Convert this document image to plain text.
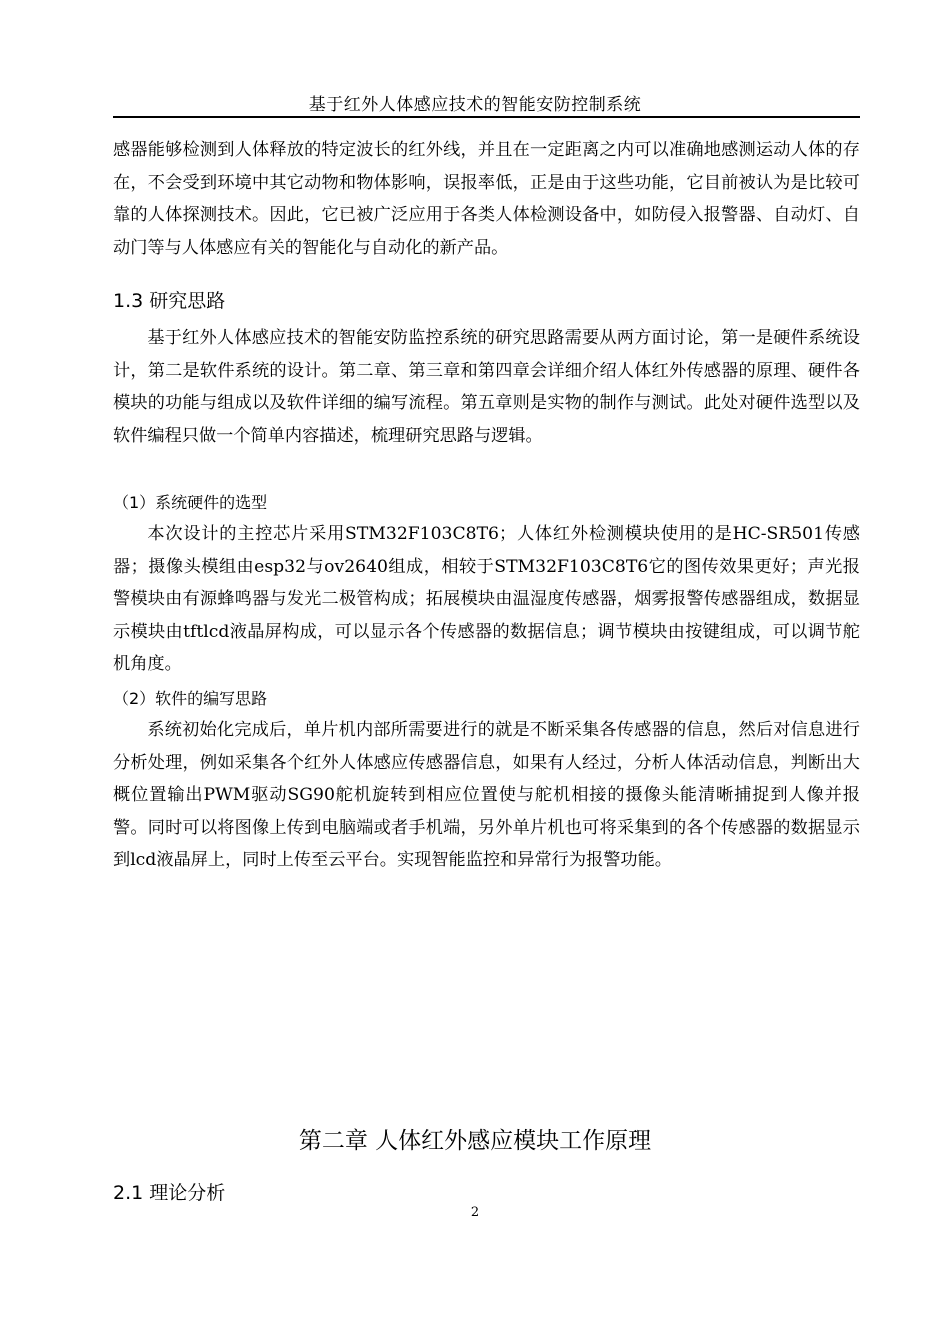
基于红外人体感应技术的智能安防控制系统

感器能够检测到人体释放的特定波长的红外线，并且在一定距离之内可以准确地感测运动人体的存在，不会受到环境中其它动物和物体影响，误报率低，正是由于这些功能，它目前被认为是比较可靠的人体探测技术。因此，它已被广泛应用于各类人体检测设备中，如防侵入报警器、自动灯、自动门等与人体感应有关的智能化与自动化的新产品。

1.3 研究思路

基于红外人体感应技术的智能安防监控系统的研究思路需要从两方面讨论，第一是硬件系统设计，第二是软件系统的设计。第二章、第三章和第四章会详细介绍人体红外传感器的原理、硬件各模块的功能与组成以及软件详细的编写流程。第五章则是实物的制作与测试。此处对硬件选型以及软件编程只做一个简单内容描述，梳理研究思路与逻辑。

（1）系统硬件的选型

本次设计的主控芯片采用STM32F103C8T6；人体红外检测模块使用的是HC-SR501传感器；摄像头模组由esp32与ov2640组成，相较于STM32F103C8T6它的图传效果更好；声光报警模块由有源蜂鸣器与发光二极管构成；拓展模块由温湿度传感器，烟雾报警传感器组成，数据显示模块由tftlcd液晶屏构成，可以显示各个传感器的数据信息；调节模块由按键组成，可以调节舵机角度。

（2）软件的编写思路

系统初始化完成后，单片机内部所需要进行的就是不断采集各传感器的信息，然后对信息进行分析处理，例如采集各个红外人体感应传感器信息，如果有人经过，分析人体活动信息，判断出大概位置输出PWM驱动SG90舵机旋转到相应位置使与舵机相接的摄像头能清晰捕捉到人像并报警。同时可以将图像上传到电脑端或者手机端，另外单片机也可将采集到的各个传感器的数据显示到lcd液晶屏上，同时上传至云平台。实现智能监控和异常行为报警功能。

第二章 人体红外感应模块工作原理
2.1 理论分析
2
